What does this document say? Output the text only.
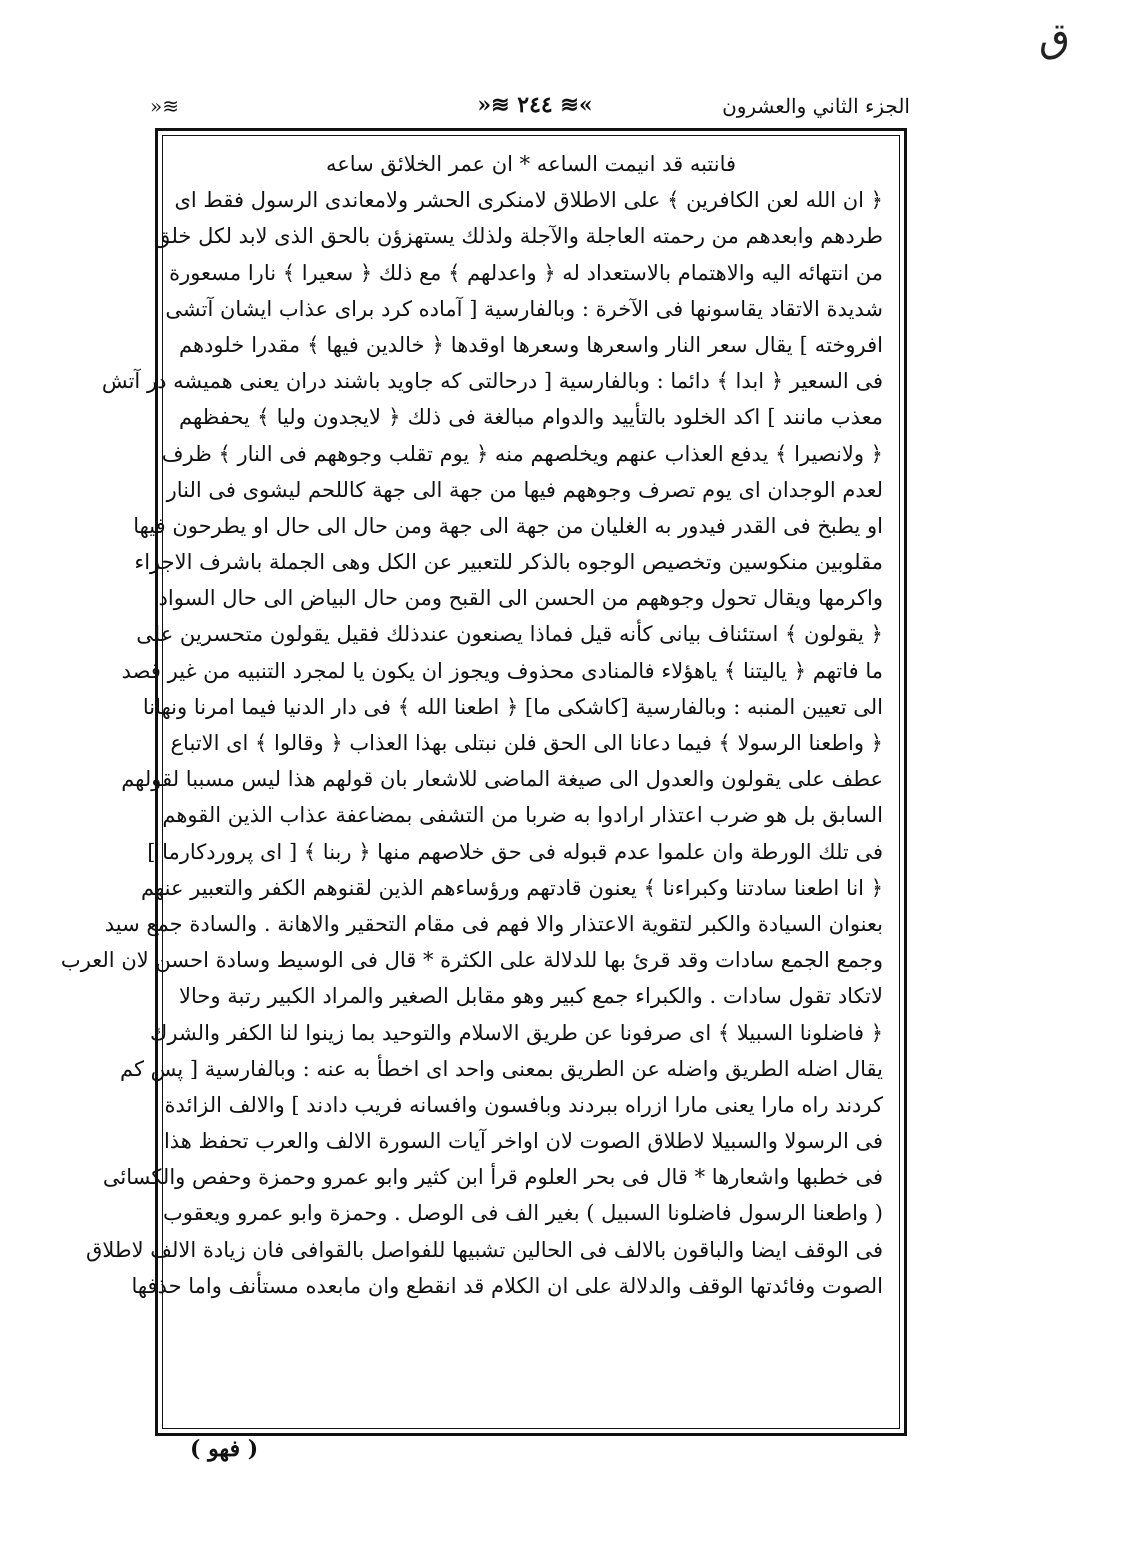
ق
≋«	»≋ ۲٤٤ ≋«	الجزء الثاني والعشرون
فانتبه قد انيمت الساعه * ان عمر الخلائق ساعه
﴿ ان الله لعن الكافرين ﴾ على الاطلاق لامنكرى الحشر ولامعاندى الرسول فقط اى
طردهم وابعدهم من رحمته العاجلة والآجلة ولذلك يستهزؤن بالحق الذى لابد لكل خلق
من انتهائه اليه والاهتمام بالاستعداد له ﴿ واعدلهم ﴾ مع ذلك ﴿ سعيرا ﴾ نارا مسعورة
شديدة الاتقاد يقاسونها فى الآخرة : وبالفارسية [ آماده كرد براى عذاب ايشان آتشى
افروخته ] يقال سعر النار واسعرها وسعرها اوقدها ﴿ خالدين فيها ﴾ مقدرا خلودهم
فى السعير ﴿ ابدا ﴾ دائما : وبالفارسية [ درحالتى كه جاويد باشند دران يعنى هميشه در آتش
معذب مانند ] اكد الخلود بالتأييد والدوام مبالغة فى ذلك ﴿ لايجدون وليا ﴾ يحفظهم
﴿ ولانصيرا ﴾ يدفع العذاب عنهم ويخلصهم منه ﴿ يوم تقلب وجوههم فى النار ﴾ ظرف
لعدم الوجدان اى يوم تصرف وجوههم فيها من جهة الى جهة كاللحم ليشوى فى النار
او يطبخ فى القدر فيدور به الغليان من جهة الى جهة ومن حال الى حال او يطرحون فيها
مقلوبين منكوسين وتخصيص الوجوه بالذكر للتعبير عن الكل وهى الجملة باشرف الاجزاء
واكرمها ويقال تحول وجوههم من الحسن الى القبح ومن حال البياض الى حال السواد
﴿ يقولون ﴾ استئناف بيانى كأنه قيل فماذا يصنعون عندذلك فقيل يقولون متحسرين على
ما فاتهم ﴿ ياليتنا ﴾ ياهؤلاء فالمنادى محذوف ويجوز ان يكون يا لمجرد التنبيه من غير قصد
الى تعيين المنبه : وبالفارسية [كاشكى ما] ﴿ اطعنا الله ﴾ فى دار الدنيا فيما امرنا ونهانا
﴿ واطعنا الرسولا ﴾ فيما دعانا الى الحق فلن نبتلى بهذا العذاب ﴿ وقالوا ﴾ اى الاتباع
عطف على يقولون والعدول الى صيغة الماضى للاشعار بان قولهم هذا ليس مسببا لقولهم
السابق بل هو ضرب اعتذار ارادوا به ضربا من التشفى بمضاعفة عذاب الذين القوهم
فى تلك الورطة وان علموا عدم قبوله فى حق خلاصهم منها ﴿ ربنا ﴾ [ اى پروردكارما ]
﴿ انا اطعنا سادتنا وكبراءنا ﴾ يعنون قادتهم ورؤساءهم الذين لقنوهم الكفر والتعبير عنهم
بعنوان السيادة والكبر لتقوية الاعتذار والا فهم فى مقام التحقير والاهانة . والسادة جمع سيد
وجمع الجمع سادات وقد قرئ بها للدلالة على الكثرة * قال فى الوسيط وسادة احسن لان العرب
لاتكاد تقول سادات . والكبراء جمع كبير وهو مقابل الصغير والمراد الكبير رتبة وحالا
﴿ فاضلونا السبيلا ﴾ اى صرفونا عن طريق الاسلام والتوحيد بما زينوا لنا الكفر والشرك
يقال اضله الطريق واضله عن الطريق بمعنى واحد اى اخطأ به عنه : وبالفارسية [ پس كم
كردند راه مارا يعنى مارا ازراه ببردند وبافسون وافسانه فريب دادند ] والالف الزائدة
فى الرسولا والسبيلا لاطلاق الصوت لان اواخر آيات السورة الالف والعرب تحفظ هذا
فى خطبها واشعارها * قال فى بحر العلوم قرأ ابن كثير وابو عمرو وحمزة وحفص والكسائى
( واطعنا الرسول فاضلونا السبيل ) بغير الف فى الوصل . وحمزة وابو عمرو ويعقوب
فى الوقف ايضا والباقون بالالف فى الحالين تشبيها للفواصل بالقوافى فان زيادة الالف لاطلاق
الصوت وفائدتها الوقف والدلالة على ان الكلام قد انقطع وان مابعده مستأنف واما حذفها
( فهو )
